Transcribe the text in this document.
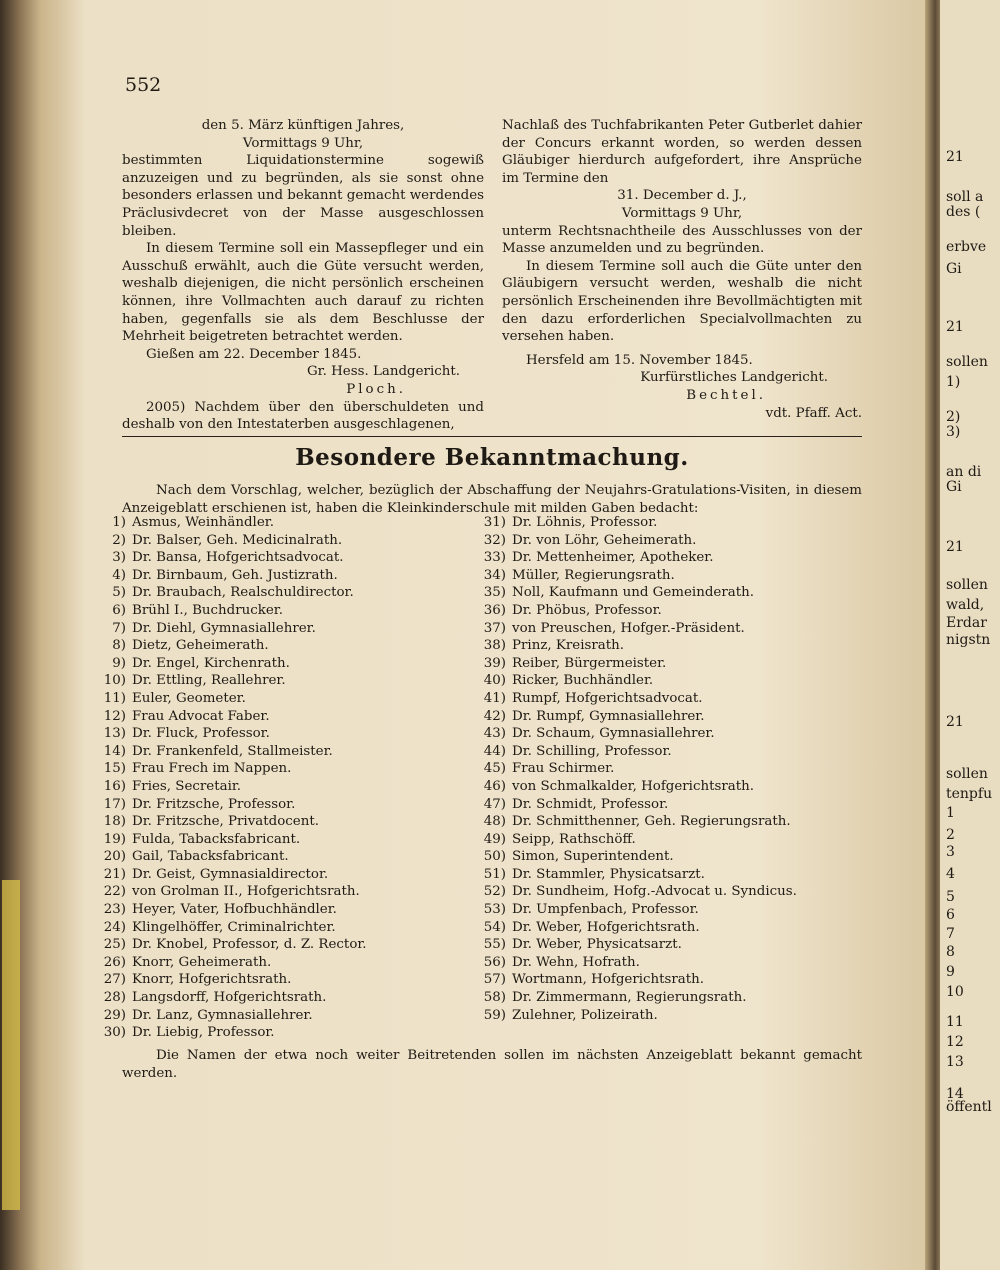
21
soll a
des (
erbve
Gi
21
sollen
1)
2)
3)
an di
Gi
21
sollen
wald,
Erdar
nigstn
21
sollen
tenpfu
1
2
3
4
5
6
7
8
9
10
11
12
13
14
öffentl
552

den 5. März künftigen Jahres,

Vormittags 9 Uhr,

bestimmten Liquidationstermine sogewiß anzuzeigen und zu begründen, als sie sonst ohne besonders erlassen und bekannt gemacht werdendes Präclusivdecret von der Masse ausgeschlossen bleiben.

In diesem Termine soll ein Massepfleger und ein Ausschuß erwählt, auch die Güte versucht werden, weshalb diejenigen, die nicht persönlich erscheinen können, ihre Vollmachten auch darauf zu richten haben, gegenfalls sie als dem Beschlusse der Mehrheit beigetreten betrachtet werden.

Gießen am 22. December 1845.

Gr. Hess. Landgericht.

Ploch.

2005) Nachdem über den überschuldeten und deshalb von den Intestaterben ausgeschlagenen,

Nachlaß des Tuchfabrikanten Peter Gutberlet dahier der Concurs erkannt worden, so werden dessen Gläubiger hierdurch aufgefordert, ihre Ansprüche im Termine den

31. December d. J.,

Vormittags 9 Uhr,

unterm Rechtsnachtheile des Ausschlusses von der Masse anzumelden und zu begründen.

In diesem Termine soll auch die Güte unter den Gläubigern versucht werden, weshalb die nicht persönlich Erscheinenden ihre Bevollmächtigten mit den dazu erforderlichen Specialvollmachten zu versehen haben.

Hersfeld am 15. November 1845.

Kurfürstliches Landgericht.

Bechtel.

vdt. Pfaff. Act.

Besondere Bekanntmachung.
Nach dem Vorschlag, welcher, bezüglich der Abschaffung der Neujahrs-Gratulations-Visiten, in diesem Anzeigeblatt erschienen ist, haben die Kleinkinderschule mit milden Gaben bedacht:
1) Asmus, Weinhändler.
2) Dr. Balser, Geh. Medicinalrath.
3) Dr. Bansa, Hofgerichtsadvocat.
4) Dr. Birnbaum, Geh. Justizrath.
5) Dr. Braubach, Realschuldirector.
6) Brühl I., Buchdrucker.
7) Dr. Diehl, Gymnasiallehrer.
8) Dietz, Geheimerath.
9) Dr. Engel, Kirchenrath.
10) Dr. Ettling, Reallehrer.
11) Euler, Geometer.
12) Frau Advocat Faber.
13) Dr. Fluck, Professor.
14) Dr. Frankenfeld, Stallmeister.
15) Frau Frech im Nappen.
16) Fries, Secretair.
17) Dr. Fritzsche, Professor.
18) Dr. Fritzsche, Privatdocent.
19) Fulda, Tabacksfabricant.
20) Gail, Tabacksfabricant.
21) Dr. Geist, Gymnasialdirector.
22) von Grolman II., Hofgerichtsrath.
23) Heyer, Vater, Hofbuchhändler.
24) Klingelhöffer, Criminalrichter.
25) Dr. Knobel, Professor, d. Z. Rector.
26) Knorr, Geheimerath.
27) Knorr, Hofgerichtsrath.
28) Langsdorff, Hofgerichtsrath.
29) Dr. Lanz, Gymnasiallehrer.
30) Dr. Liebig, Professor.
31) Dr. Löhnis, Professor.
32) Dr. von Löhr, Geheimerath.
33) Dr. Mettenheimer, Apotheker.
34) Müller, Regierungsrath.
35) Noll, Kaufmann und Gemeinderath.
36) Dr. Phöbus, Professor.
37) von Preuschen, Hofger.-Präsident.
38) Prinz, Kreisrath.
39) Reiber, Bürgermeister.
40) Ricker, Buchhändler.
41) Rumpf, Hofgerichtsadvocat.
42) Dr. Rumpf, Gymnasiallehrer.
43) Dr. Schaum, Gymnasiallehrer.
44) Dr. Schilling, Professor.
45) Frau Schirmer.
46) von Schmalkalder, Hofgerichtsrath.
47) Dr. Schmidt, Professor.
48) Dr. Schmitthenner, Geh. Regierungsrath.
49) Seipp, Rathschöff.
50) Simon, Superintendent.
51) Dr. Stammler, Physicatsarzt.
52) Dr. Sundheim, Hofg.-Advocat u. Syndicus.
53) Dr. Umpfenbach, Professor.
54) Dr. Weber, Hofgerichtsrath.
55) Dr. Weber, Physicatsarzt.
56) Dr. Wehn, Hofrath.
57) Wortmann, Hofgerichtsrath.
58) Dr. Zimmermann, Regierungsrath.
59) Zulehner, Polizeirath.
Die Namen der etwa noch weiter Beitretenden sollen im nächsten Anzeigeblatt bekannt gemacht werden.
